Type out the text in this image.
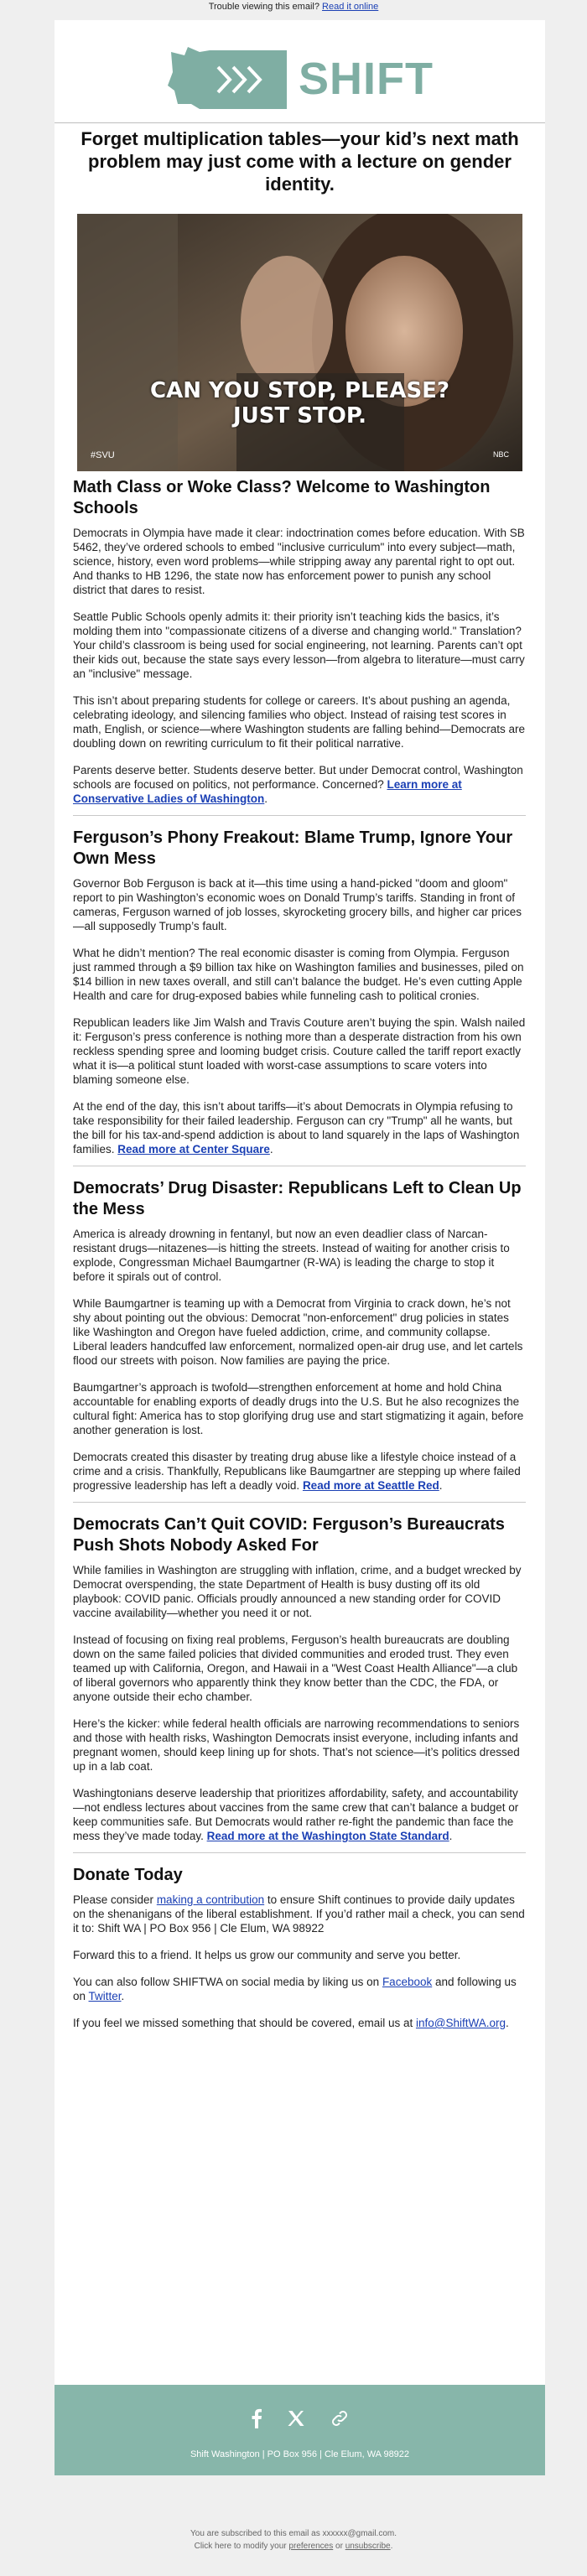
Trouble viewing this email? Read it online
SHIFT
Forget multiplication tables—your kid’s next math problem may just come with a lecture on gender identity.
CAN YOU STOP, PLEASE?
JUST STOP.
#SVU	NBC
Math Class or Woke Class? Welcome to Washington Schools

Democrats in Olympia have made it clear: indoctrination comes before education. With SB 5462, they’ve ordered schools to embed "inclusive curriculum" into every subject—math, science, history, even word problems—while stripping away any parental right to opt out. And thanks to HB 1296, the state now has enforcement power to punish any school district that dares to resist.

Seattle Public Schools openly admits it: their priority isn’t teaching kids the basics, it’s molding them into "compassionate citizens of a diverse and changing world." Translation? Your child’s classroom is being used for social engineering, not learning. Parents can’t opt their kids out, because the state says every lesson—from algebra to literature—must carry an "inclusive" message.

This isn’t about preparing students for college or careers. It’s about pushing an agenda, celebrating ideology, and silencing families who object. Instead of raising test scores in math, English, or science—where Washington students are falling behind—Democrats are doubling down on rewriting curriculum to fit their political narrative.

Parents deserve better. Students deserve better. But under Democrat control, Washington schools are focused on politics, not performance. Concerned? Learn more at Conservative Ladies of Washington.

Ferguson’s Phony Freakout: Blame Trump, Ignore Your Own Mess

Governor Bob Ferguson is back at it—this time using a hand-picked "doom and gloom" report to pin Washington’s economic woes on Donald Trump’s tariffs. Standing in front of cameras, Ferguson warned of job losses, skyrocketing grocery bills, and higher car prices—all supposedly Trump’s fault.

What he didn’t mention? The real economic disaster is coming from Olympia. Ferguson just rammed through a $9 billion tax hike on Washington families and businesses, piled on $14 billion in new taxes overall, and still can’t balance the budget. He’s even cutting Apple Health and care for drug-exposed babies while funneling cash to political cronies.

Republican leaders like Jim Walsh and Travis Couture aren’t buying the spin. Walsh nailed it: Ferguson’s press conference is nothing more than a desperate distraction from his own reckless spending spree and looming budget crisis. Couture called the tariff report exactly what it is—a political stunt loaded with worst-case assumptions to scare voters into blaming someone else.

At the end of the day, this isn’t about tariffs—it’s about Democrats in Olympia refusing to take responsibility for their failed leadership. Ferguson can cry "Trump" all he wants, but the bill for his tax-and-spend addiction is about to land squarely in the laps of Washington families. Read more at Center Square.

Democrats’ Drug Disaster: Republicans Left to Clean Up the Mess

America is already drowning in fentanyl, but now an even deadlier class of Narcan-resistant drugs—nitazenes—is hitting the streets. Instead of waiting for another crisis to explode, Congressman Michael Baumgartner (R-WA) is leading the charge to stop it before it spirals out of control.

While Baumgartner is teaming up with a Democrat from Virginia to crack down, he’s not shy about pointing out the obvious: Democrat "non-enforcement" drug policies in states like Washington and Oregon have fueled addiction, crime, and community collapse. Liberal leaders handcuffed law enforcement, normalized open-air drug use, and let cartels flood our streets with poison. Now families are paying the price.

Baumgartner’s approach is twofold—strengthen enforcement at home and hold China accountable for enabling exports of deadly drugs into the U.S. But he also recognizes the cultural fight: America has to stop glorifying drug use and start stigmatizing it again, before another generation is lost.

Democrats created this disaster by treating drug abuse like a lifestyle choice instead of a crime and a crisis. Thankfully, Republicans like Baumgartner are stepping up where failed progressive leadership has left a deadly void. Read more at Seattle Red.

Democrats Can’t Quit COVID: Ferguson’s Bureaucrats Push Shots Nobody Asked For

While families in Washington are struggling with inflation, crime, and a budget wrecked by Democrat overspending, the state Department of Health is busy dusting off its old playbook: COVID panic. Officials proudly announced a new standing order for COVID vaccine availability—whether you need it or not.

Instead of focusing on fixing real problems, Ferguson’s health bureaucrats are doubling down on the same failed policies that divided communities and eroded trust. They even teamed up with California, Oregon, and Hawaii in a "West Coast Health Alliance"—a club of liberal governors who apparently think they know better than the CDC, the FDA, or anyone outside their echo chamber.

Here’s the kicker: while federal health officials are narrowing recommendations to seniors and those with health risks, Washington Democrats insist everyone, including infants and pregnant women, should keep lining up for shots. That’s not science—it’s politics dressed up in a lab coat.

Washingtonians deserve leadership that prioritizes affordability, safety, and accountability—not endless lectures about vaccines from the same crew that can’t balance a budget or keep communities safe. But Democrats would rather re-fight the pandemic than face the mess they’ve made today. Read more at the Washington State Standard.

Donate Today

Please consider making a contribution to ensure Shift continues to provide daily updates on the shenanigans of the liberal establishment. If you’d rather mail a check, you can send it to: Shift WA | PO Box 956 | Cle Elum, WA 98922

Forward this to a friend. It helps us grow our community and serve you better.

You can also follow SHIFTWA on social media by liking us on Facebook and following us on Twitter.

If you feel we missed something that should be covered, email us at info@ShiftWA.org.

Shift Washington | PO Box 956 | Cle Elum, WA 98922
You are subscribed to this email as xxxxxx@gmail.com.
Click here to modify your preferences or unsubscribe.
